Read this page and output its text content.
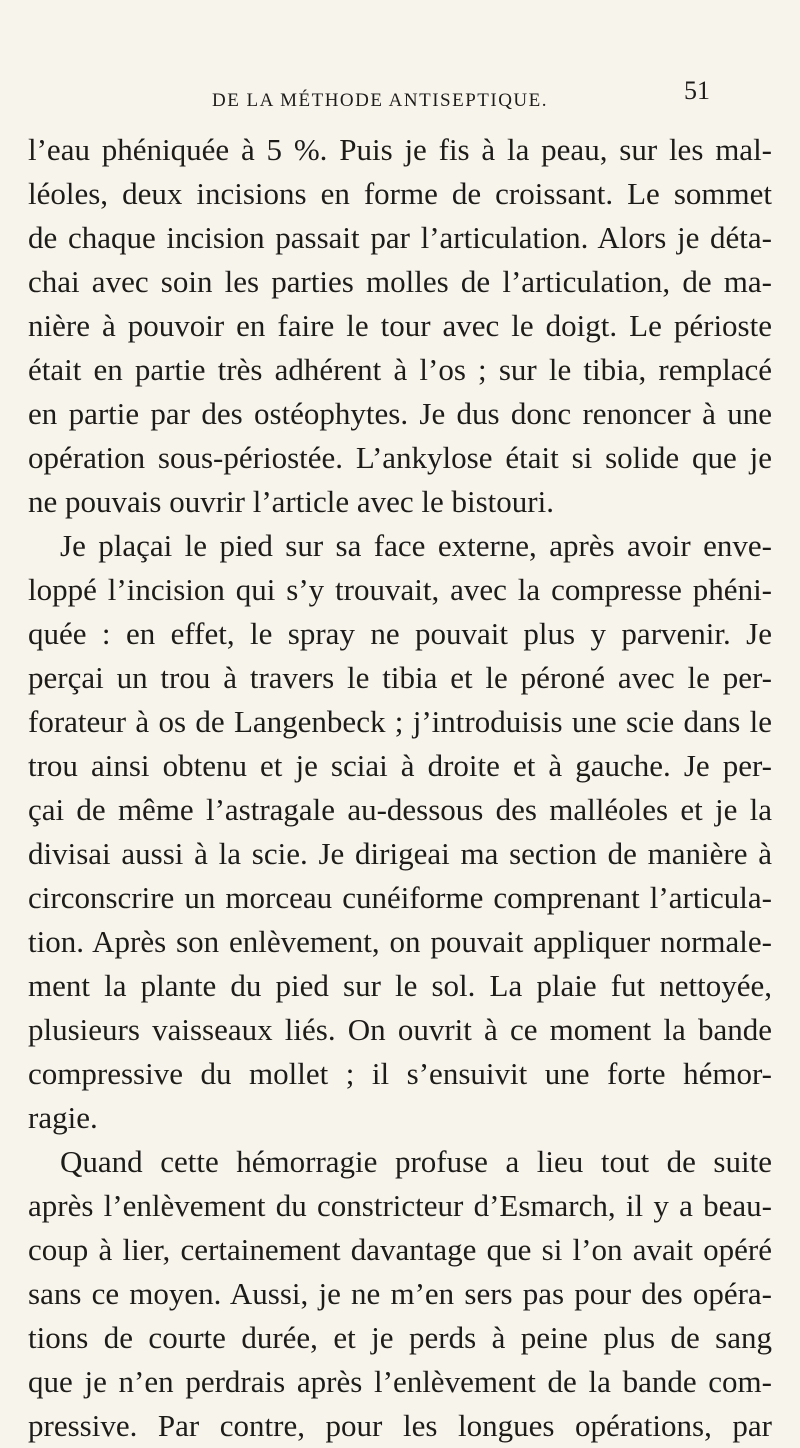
DE LA MÉTHODE ANTISEPTIQUE.	51
l’eau phéniquée à 5 %. Puis je fis à la peau, sur les mal-
léoles, deux incisions en forme de croissant. Le sommet
de chaque incision passait par l’articulation. Alors je déta-
chai avec soin les parties molles de l’articulation, de ma-
nière à pouvoir en faire le tour avec le doigt. Le périoste
était en partie très adhérent à l’os ; sur le tibia, remplacé
en partie par des ostéophytes. Je dus donc renoncer à une
opération sous-périostée. L’ankylose était si solide que je
ne pouvais ouvrir l’article avec le bistouri.
Je plaçai le pied sur sa face externe, après avoir enve-
loppé l’incision qui s’y trouvait, avec la compresse phéni-
quée : en effet, le spray ne pouvait plus y parvenir. Je
perçai un trou à travers le tibia et le péroné avec le per-
forateur à os de Langenbeck ; j’introduisis une scie dans le
trou ainsi obtenu et je sciai à droite et à gauche. Je per-
çai de même l’astragale au-dessous des malléoles et je la
divisai aussi à la scie. Je dirigeai ma section de manière à
circonscrire un morceau cunéiforme comprenant l’articula-
tion. Après son enlèvement, on pouvait appliquer normale-
ment la plante du pied sur le sol. La plaie fut nettoyée,
plusieurs vaisseaux liés. On ouvrit à ce moment la bande
compressive du mollet ; il s’ensuivit une forte hémor-
ragie.
Quand cette hémorragie profuse a lieu tout de suite
après l’enlèvement du constricteur d’Esmarch, il y a beau-
coup à lier, certainement davantage que si l’on avait opéré
sans ce moyen. Aussi, je ne m’en sers pas pour des opéra-
tions de courte durée, et je perds à peine plus de sang
que je n’en perdrais après l’enlèvement de la bande com-
pressive. Par contre, pour les longues opérations, par
